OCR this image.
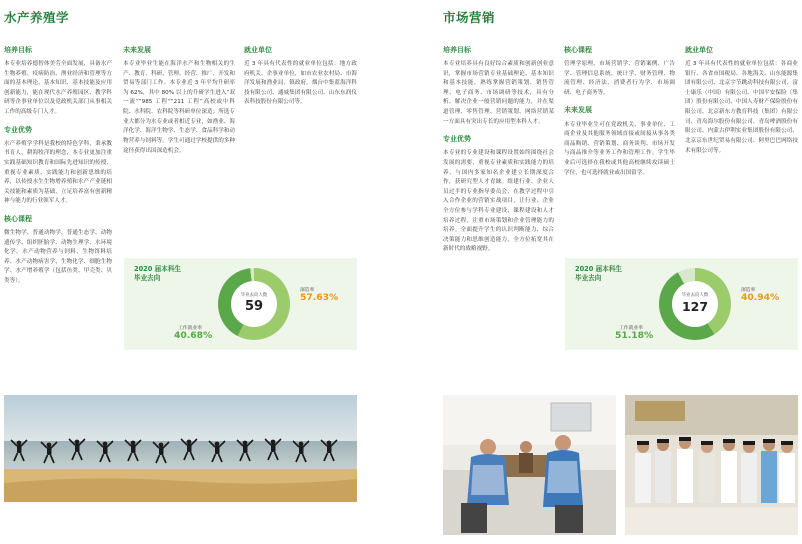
水产养殖学
培养目标

本专业培养德智体美劳全面发展，具备水产生物养殖、疫病防治、渔业经济和管理等方面的基本理论、基本知识、基本技能及应用创新能力，能在现代水产养殖园区、教学科研等企事业单位以及党政机关部门从事相关工作的高级专门人才。

专业优势

水产养殖学学科是我校的特色学科，秉承教书育人，耕海牧洋的理念，本专业更加注重实践基础知识教育和国际先进知识的传授，重视专业素质、实践能力和创新思维的培养，以传授水生生物增养殖和水产产业链相关技能和素质为基础，立足培养富有创新精神与能力的行业领军人才。

核心课程

微生物学、普通动物学、普通生态学、动物遗传学、组织胚胎学、动物生理学、水环境化学、水产动物营养与饲料、生物饵料培养、水产动物病害学、生物化学、细胞生物学、水产增养殖学（包括鱼类、甲壳类、贝类等）。

未来发展

本专业毕业生能在海洋水产和生物相关的生产、教育、科研、管理、经营、推广、开发和贸易等部门工作。本专业近 3 年平均升研率为 62%，其中 80% 以上的升研学生进入“双一流”“985 工程”“211 工程”高校或中科院、水科院、农科院等科研单位深造；所选专业大都分为水专业或者相近专业，如渔业、海洋化学、海洋生物学、生态学、食品科学和动物营养与饲料等。学生可通过学校提供的多种途径获得出国深造机会。

就业单位

近 3 年具有代表性的就业单位包括：地方政府机关、企事业单位，如市农业农村局、市海洋发展和渔业局、镇政府，烟台中集蓝海洋科技有限公司、通威集团有限公司、山东东润仪表科技股份有限公司等。

2020 届本科生
毕业去向
毕业去向人数
59
深造率
57.63%
工作就业率
40.68%
市场营销
培养目标

本专业培养具有良好综合素质和创新创业意识，掌握市场营销专业基础理论、基本知识和基本技能，熟练掌握营销策划、销售管理、电子商务、市场调研等技术，具有分析、解决企业一般营销问题的能力，并在渠道管理、零售管理、营销策划、网络营销某一方面具有突出专长的应用型本科人才。

专业优势

本专业的专业建设和课程设置始终围绕社会发展的需要，重视专业素质和实践能力的培养，与国内多家知名企业建立长期深度合作，获研究型人才青睐。组建行业、企业人员过半的专业指导委员会，在教学过程中引入合作企业的营销实战项目，让行业、企业全方位参与学科专业建设、课程建设和人才培养过程，注重市场策划和企业管理能力的培养。全面提升学生的认识判断能力、综合决策能力和思维创造能力，全方位拓宽其在新时代的战略视野。

核心课程

管理学原理、市场营销学、营销案例、广告学、管理信息系统、统计学、财务管理、物流管理、经济法、消费者行为学、市场调研、电子商务等。

未来发展

本专业毕业生可在党政机关、事业单位、工商企业及其他服务领域直接或间接从事各类商品购销、营销策划、商务谈判、市场开发与商品推介等业务工作和管理工作。学生毕业后可选择在我校或其他高校继续攻读硕士学位，也可选择就业或出国留学。

就业单位

近 3 年具有代表性的就业单位包括：各商业银行、各省市国税局、各地海关、山东能源集团有限公司、北京宇节跳动科技有限公司、富士康乐（中国）有限公司、中国平安保险（集团）股份有限公司、中国人寿财产保险股份有限公司、北京新东方教育科技（集团）有限公司、青岛海尔股份有限公司、青岛啤酒股份有限公司、内蒙古伊利实业集团股份有限公司、北京京东世纪贸易有限公司、阿里巴巴网络技术有限公司等。

2020 届本科生
毕业去向
毕业去向人数
127
深造率
40.94%
工作就业率
51.18%
